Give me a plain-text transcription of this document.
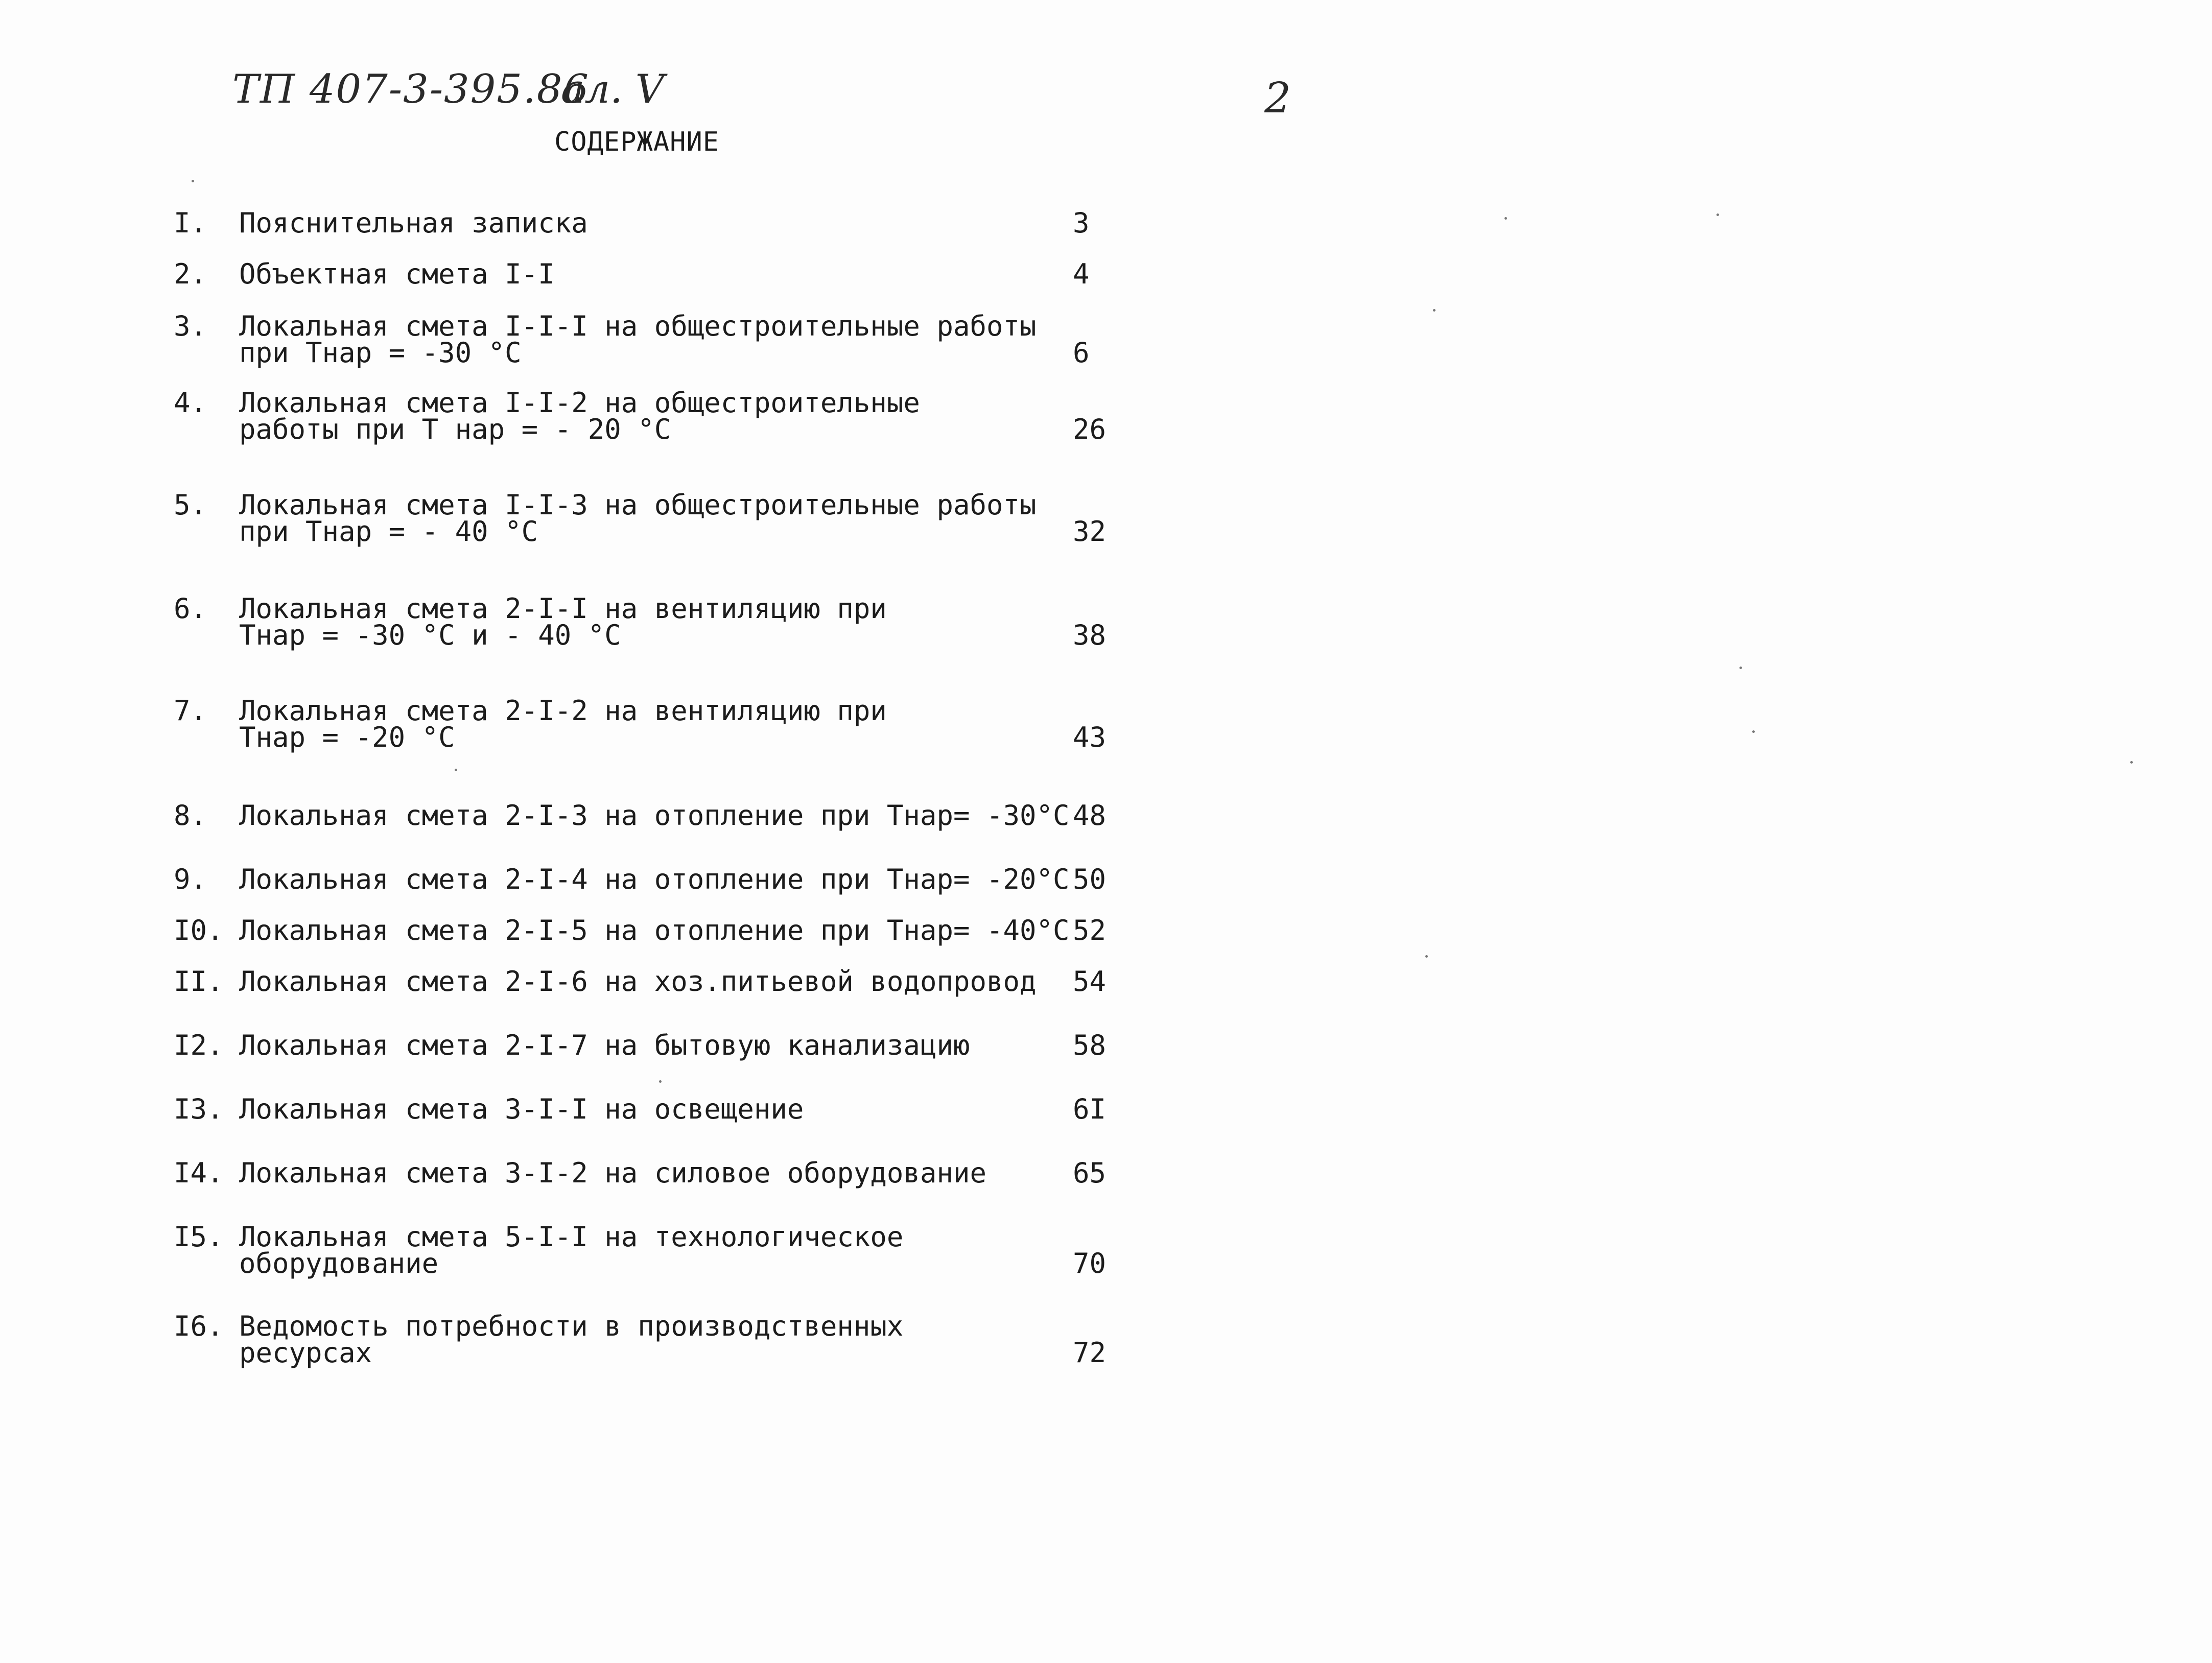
ТП 407-3-395.86
ал. V	2
СОДЕРЖАНИЕ
I. Пояснительная записка	3
2. Объектная смета I-I	4
3. Локальная смета I-I-I на общестроительные работы
при Тнар = -30 °C	6
4. Локальная смета I-I-2 на общестроительные
работы при Т нар = - 20 °C	26
5. Локальная смета I-I-3 на общестроительные работы
при Тнар = - 40 °C	32
6. Локальная смета 2-I-I на вентиляцию при
Тнар = -30 °C и - 40 °C	38
7. Локальная смета 2-I-2 на вентиляцию при
Тнар = -20 °C	43
8. Локальная смета 2-I-3 на отопление при Тнар= -30°C 48
9. Локальная смета 2-I-4 на отопление при Тнар= -20°C 50
I0. Локальная смета 2-I-5 на отопление при Тнар= -40°C 52
II. Локальная смета 2-I-6 на хоз.питьевой водопровод 54
I2. Локальная смета 2-I-7 на бытовую канализацию	58
I3. Локальная смета 3-I-I на освещение	6I
I4. Локальная смета 3-I-2 на силовое оборудование	65
I5. Локальная смета 5-I-I на технологическое
оборудование	70
I6. Ведомость потребности в производственных
ресурсах	72
